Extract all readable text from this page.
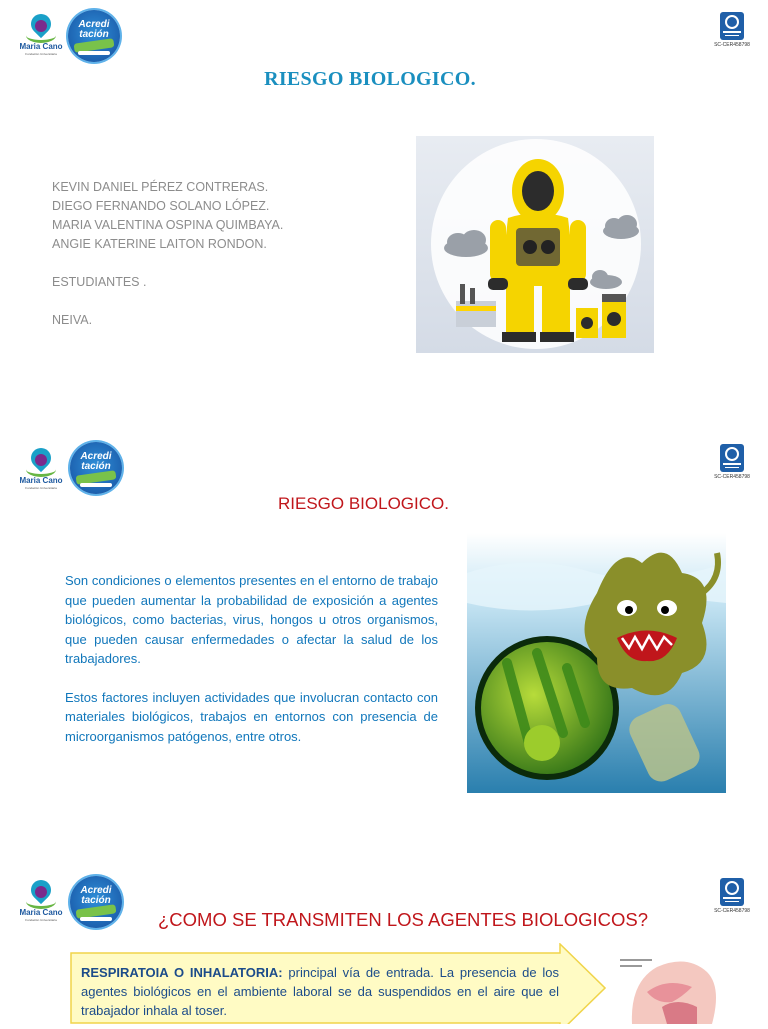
Maria Cano
Fundación Universitaria
Acredi
tación
SC-CER458798
RIESGO BIOLOGICO.
KEVIN DANIEL PÉREZ CONTRERAS.
DIEGO FERNANDO SOLANO LÓPEZ.
MARIA VALENTINA OSPINA QUIMBAYA.
ANGIE KATERINE LAITON RONDON.
ESTUDIANTES .
NEIVA.
Maria Cano
Fundación Universitaria
Acredi
tación
SC-CER458798
RIESGO BIOLOGICO.

Son condiciones o elementos presentes en el entorno de trabajo que pueden aumentar la probabilidad de exposición a agentes biológicos, como bacterias, virus, hongos u otros organismos, que pueden causar enfermedades o afectar la salud de los trabajadores.

Estos factores incluyen actividades que involucran contacto con materiales biológicos, trabajos en entornos con presencia de microorganismos patógenos, entre otros.

Maria Cano
Fundación Universitaria
Acredi
tación
SC-CER458798
¿COMO SE TRANSMITEN LOS AGENTES BIOLOGICOS?
RESPIRATOIA O INHALATORIA: principal vía de entrada. La presencia de los agentes biológicos en el ambiente laboral se da suspendidos en el aire que el trabajador inhala al toser.
